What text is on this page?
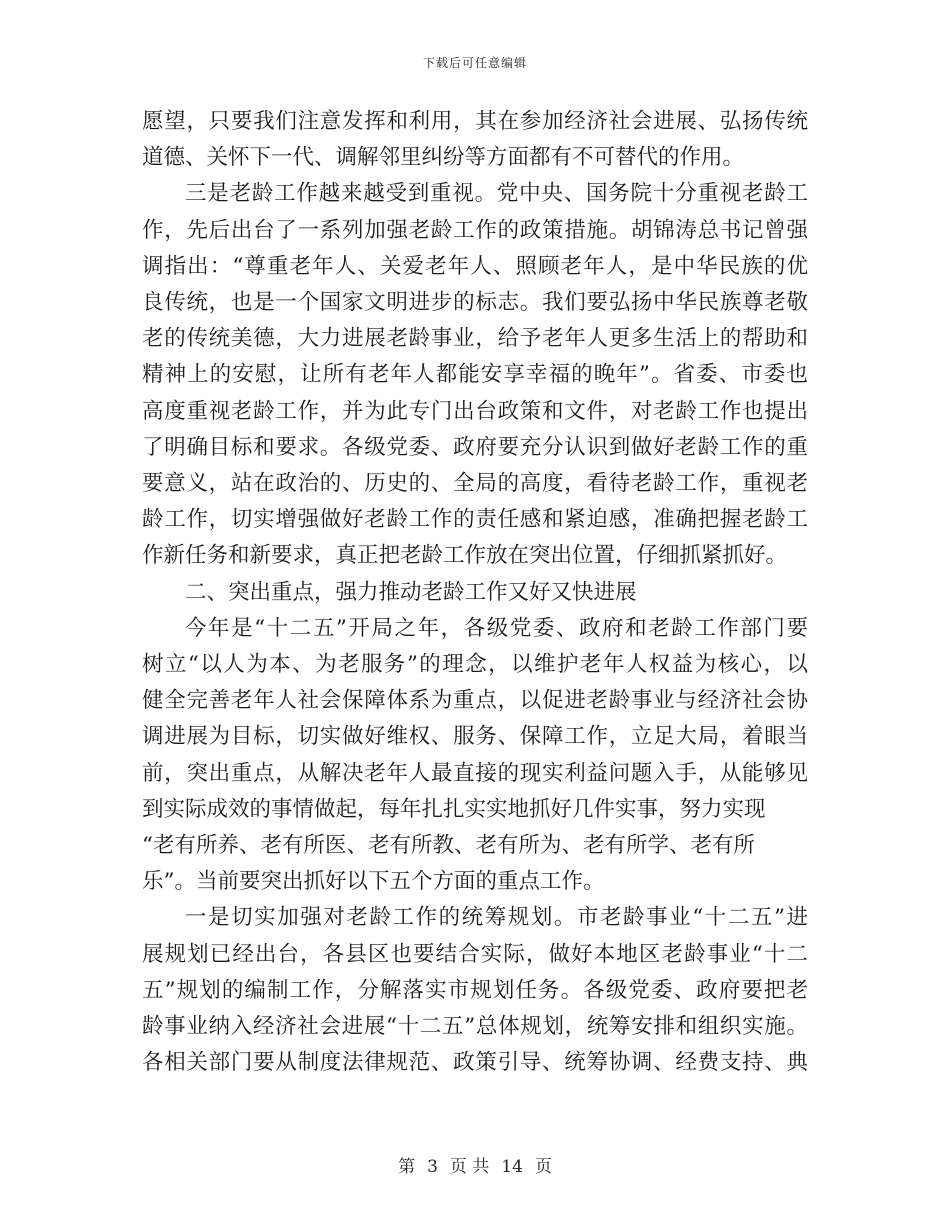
下载后可任意编辑

愿望，只要我们注意发挥和利用，其在参加经济社会进展、弘扬传统
道德、关怀下一代、调解邻里纠纷等方面都有不可替代的作用。

三是老龄工作越来越受到重视。党中央、国务院十分重视老龄工
作，先后出台了一系列加强老龄工作的政策措施。胡锦涛总书记曾强
调指出：“尊重老年人、关爱老年人、照顾老年人，是中华民族的优
良传统，也是一个国家文明进步的标志。我们要弘扬中华民族尊老敬
老的传统美德，大力进展老龄事业，给予老年人更多生活上的帮助和
精神上的安慰，让所有老年人都能安享幸福的晚年”。省委、市委也
高度重视老龄工作，并为此专门出台政策和文件，对老龄工作也提出
了明确目标和要求。各级党委、政府要充分认识到做好老龄工作的重
要意义，站在政治的、历史的、全局的高度，看待老龄工作，重视老
龄工作，切实增强做好老龄工作的责任感和紧迫感，准确把握老龄工
作新任务和新要求，真正把老龄工作放在突出位置，仔细抓紧抓好。

二、突出重点，强力推动老龄工作又好又快进展

今年是“十二五”开局之年，各级党委、政府和老龄工作部门要
树立“以人为本、为老服务”的理念，以维护老年人权益为核心，以
健全完善老年人社会保障体系为重点，以促进老龄事业与经济社会协
调进展为目标，切实做好维权、服务、保障工作，立足大局，着眼当
前，突出重点，从解决老年人最直接的现实利益问题入手，从能够见
到实际成效的事情做起，每年扎扎实实地抓好几件实事，努力实现
“老有所养、老有所医、老有所教、老有所为、老有所学、老有所
乐”。当前要突出抓好以下五个方面的重点工作。

一是切实加强对老龄工作的统筹规划。市老龄事业“十二五”进
展规划已经出台，各县区也要结合实际，做好本地区老龄事业“十二
五”规划的编制工作，分解落实市规划任务。各级党委、政府要把老
龄事业纳入经济社会进展“十二五”总体规划，统筹安排和组织实施。
各相关部门要从制度法律规范、政策引导、统筹协调、经费支持、典

第 3 页 共 14 页
